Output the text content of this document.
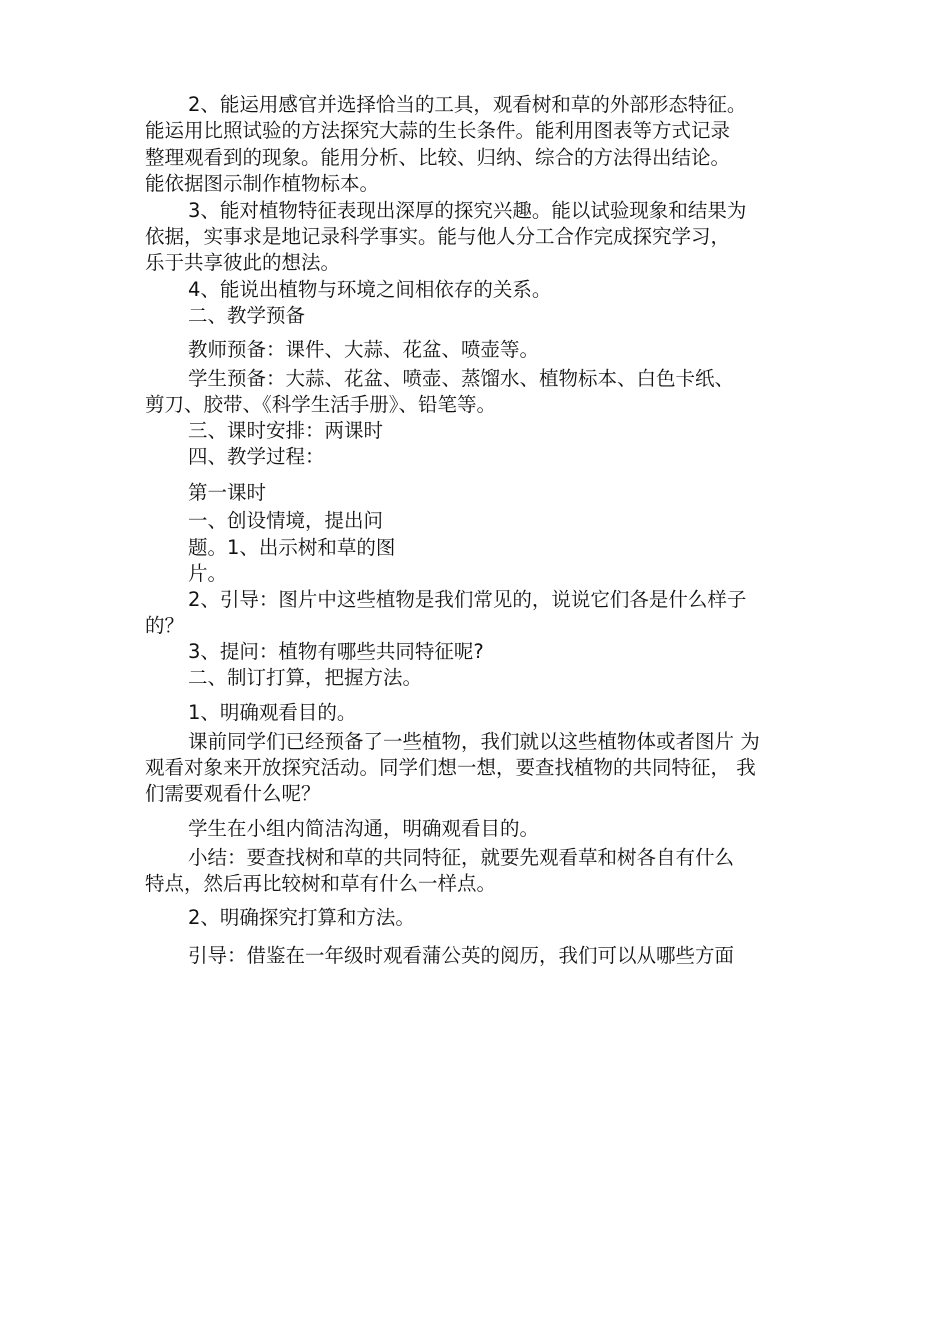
2、能运用感官并选择恰当的工具，观看树和草的外部形态特征。
能运用比照试验的方法探究大蒜的生长条件。能利用图表等方式记录
整理观看到的现象。能用分析、比较、归纳、综合的方法得出结论。
能依据图示制作植物标本。
3、能对植物特征表现出深厚的探究兴趣。能以试验现象和结果为
依据，实事求是地记录科学事实。能与他人分工合作完成探究学习，
乐于共享彼此的想法。
4、能说出植物与环境之间相依存的关系。
二、教学预备
教师预备：课件、大蒜、花盆、喷壶等。
学生预备：大蒜、花盆、喷壶、蒸馏水、植物标本、白色卡纸、
剪刀、胶带、《科学生活手册》、铅笔等。
三、课时安排：两课时
四、教学过程：
第一课时
一、创设情境，提出问
题。1、出示树和草的图
片。
2、引导：图片中这些植物是我们常见的，说说它们各是什么样子
的？
3、提问：植物有哪些共同特征呢?
二、制订打算，把握方法。
1、明确观看目的。
课前同学们已经预备了一些植物，我们就以这些植物体或者图片 为
观看对象来开放探究活动。同学们想一想，要查找植物的共同特征， 我
们需要观看什么呢？
学生在小组内简洁沟通，明确观看目的。
小结：要查找树和草的共同特征，就要先观看草和树各自有什么
特点，然后再比较树和草有什么一样点。
2、明确探究打算和方法。
引导：借鉴在一年级时观看蒲公英的阅历，我们可以从哪些方面
